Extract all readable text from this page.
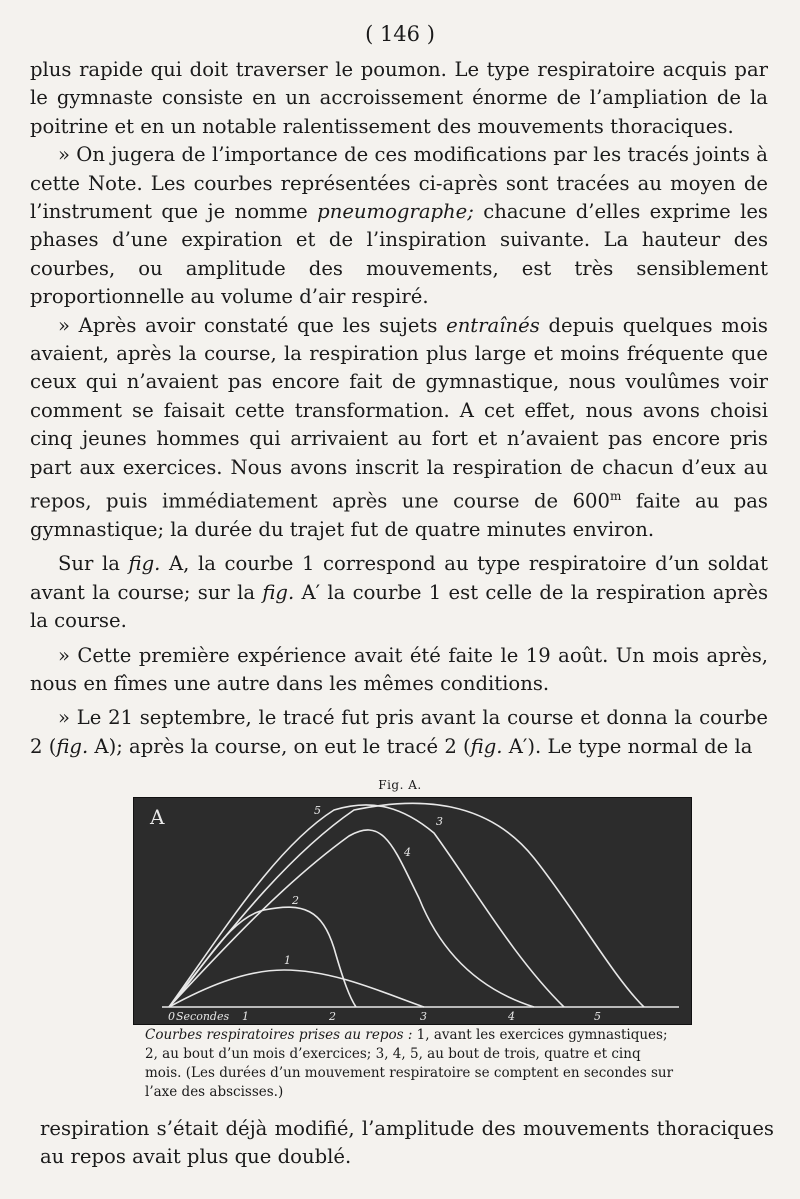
( 146 )

plus rapide qui doit traverser le poumon. Le type respiratoire acquis par le gymnaste consiste en un accroissement énorme de l’ampliation de la poitrine et en un notable ralentissement des mouvements thoraciques.

» On jugera de l’importance de ces modifications par les tracés joints à cette Note. Les courbes représentées ci-après sont tracées au moyen de l’instrument que je nomme pneumographe; chacune d’elles exprime les phases d’une expiration et de l’inspiration suivante. La hauteur des courbes, ou amplitude des mouvements, est très sensiblement proportionnelle au volume d’air respiré.

» Après avoir constaté que les sujets entraînés depuis quelques mois avaient, après la course, la respiration plus large et moins fréquente que ceux qui n’avaient pas encore fait de gymnastique, nous voulûmes voir comment se faisait cette transformation. A cet effet, nous avons choisi cinq jeunes hommes qui arrivaient au fort et n’avaient pas encore pris part aux exercices. Nous avons inscrit la respiration de chacun d’eux au repos, puis immédiatement après une course de 600$^m$ faite au pas gymnastique; la durée du trajet fut de quatre minutes environ.

Sur la fig. A, la courbe 1 correspond au type respiratoire d’un soldat avant la course; sur la fig. A′ la courbe 1 est celle de la respiration après la course.

» Cette première expérience avait été faite le 19 août. Un mois après, nous en fîmes une autre dans les mêmes conditions.

» Le 21 septembre, le tracé fut pris avant la course et donna la courbe 2 (fig. A); après la course, on eut le tracé 2 (fig. A′). Le type normal de la

Fig. A.
A
0 Secondes 1	2	3	4	5
1
2
3
4
5
Courbes respiratoires prises au repos : 1, avant les exercices gymnastiques; 2, au bout d’un mois d’exercices; 3, 4, 5, au bout de trois, quatre et cinq mois. (Les durées d’un mouvement respiratoire se comptent en secondes sur l’axe des abscisses.)
respiration s’était déjà modifié, l’amplitude des mouvements thoraciques au repos avait plus que doublé.
